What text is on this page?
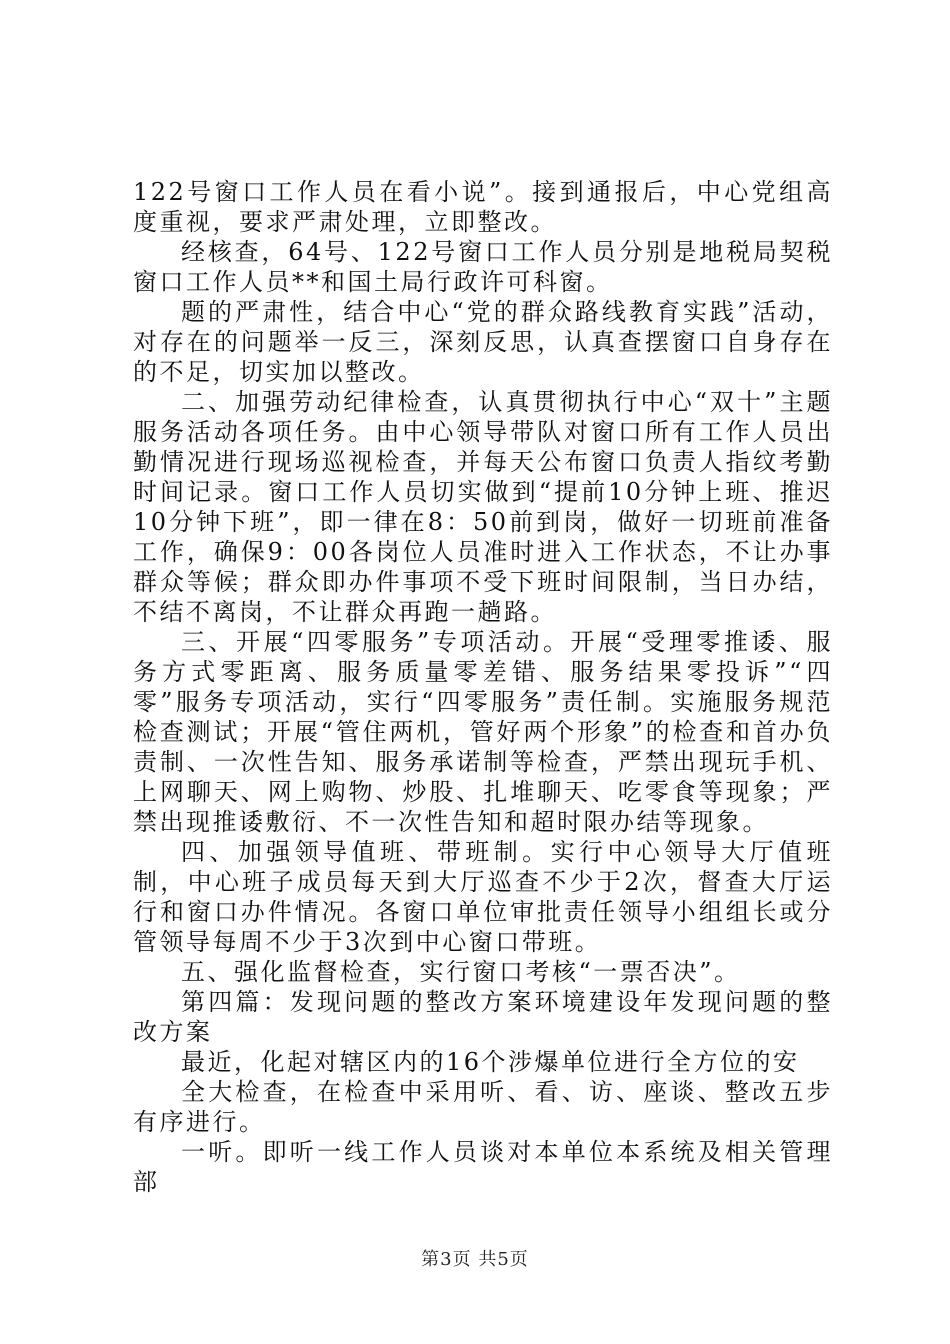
122号窗口工作人员在看小说”。接到通报后，中心党组高度重视，要求严肃处理，立即整改。

经核查，64号、122号窗口工作人员分别是地税局契税窗口工作人员**和国土局行政许可科窗。

题的严肃性，结合中心“党的群众路线教育实践”活动，对存在的问题举一反三，深刻反思，认真查摆窗口自身存在的不足，切实加以整改。

二、加强劳动纪律检查，认真贯彻执行中心“双十”主题服务活动各项任务。由中心领导带队对窗口所有工作人员出勤情况进行现场巡视检查，并每天公布窗口负责人指纹考勤时间记录。窗口工作人员切实做到“提前10分钟上班、推迟10分钟下班”，即一律在8：50前到岗，做好一切班前准备工作，确保9：00各岗位人员准时进入工作状态，不让办事群众等候；群众即办件事项不受下班时间限制，当日办结，不结不离岗，不让群众再跑一趟路。

三、开展“四零服务”专项活动。开展“受理零推诿、服务方式零距离、服务质量零差错、服务结果零投诉”“四零”服务专项活动，实行“四零服务”责任制。实施服务规范检查测试；开展“管住两机，管好两个形象”的检查和首办负责制、一次性告知、服务承诺制等检查，严禁出现玩手机、上网聊天、网上购物、炒股、扎堆聊天、吃零食等现象；严禁出现推诿敷衍、不一次性告知和超时限办结等现象。

四、加强领导值班、带班制。实行中心领导大厅值班制，中心班子成员每天到大厅巡查不少于2次，督查大厅运行和窗口办件情况。各窗口单位审批责任领导小组组长或分管领导每周不少于3次到中心窗口带班。

五、强化监督检查，实行窗口考核“一票否决”。

第四篇：发现问题的整改方案环境建设年发现问题的整改方案

最近，化起对辖区内的16个涉爆单位进行全方位的安

全大检查，在检查中采用听、看、访、座谈、整改五步有序进行。

一听。即听一线工作人员谈对本单位本系统及相关管理部

第3页 共5页
